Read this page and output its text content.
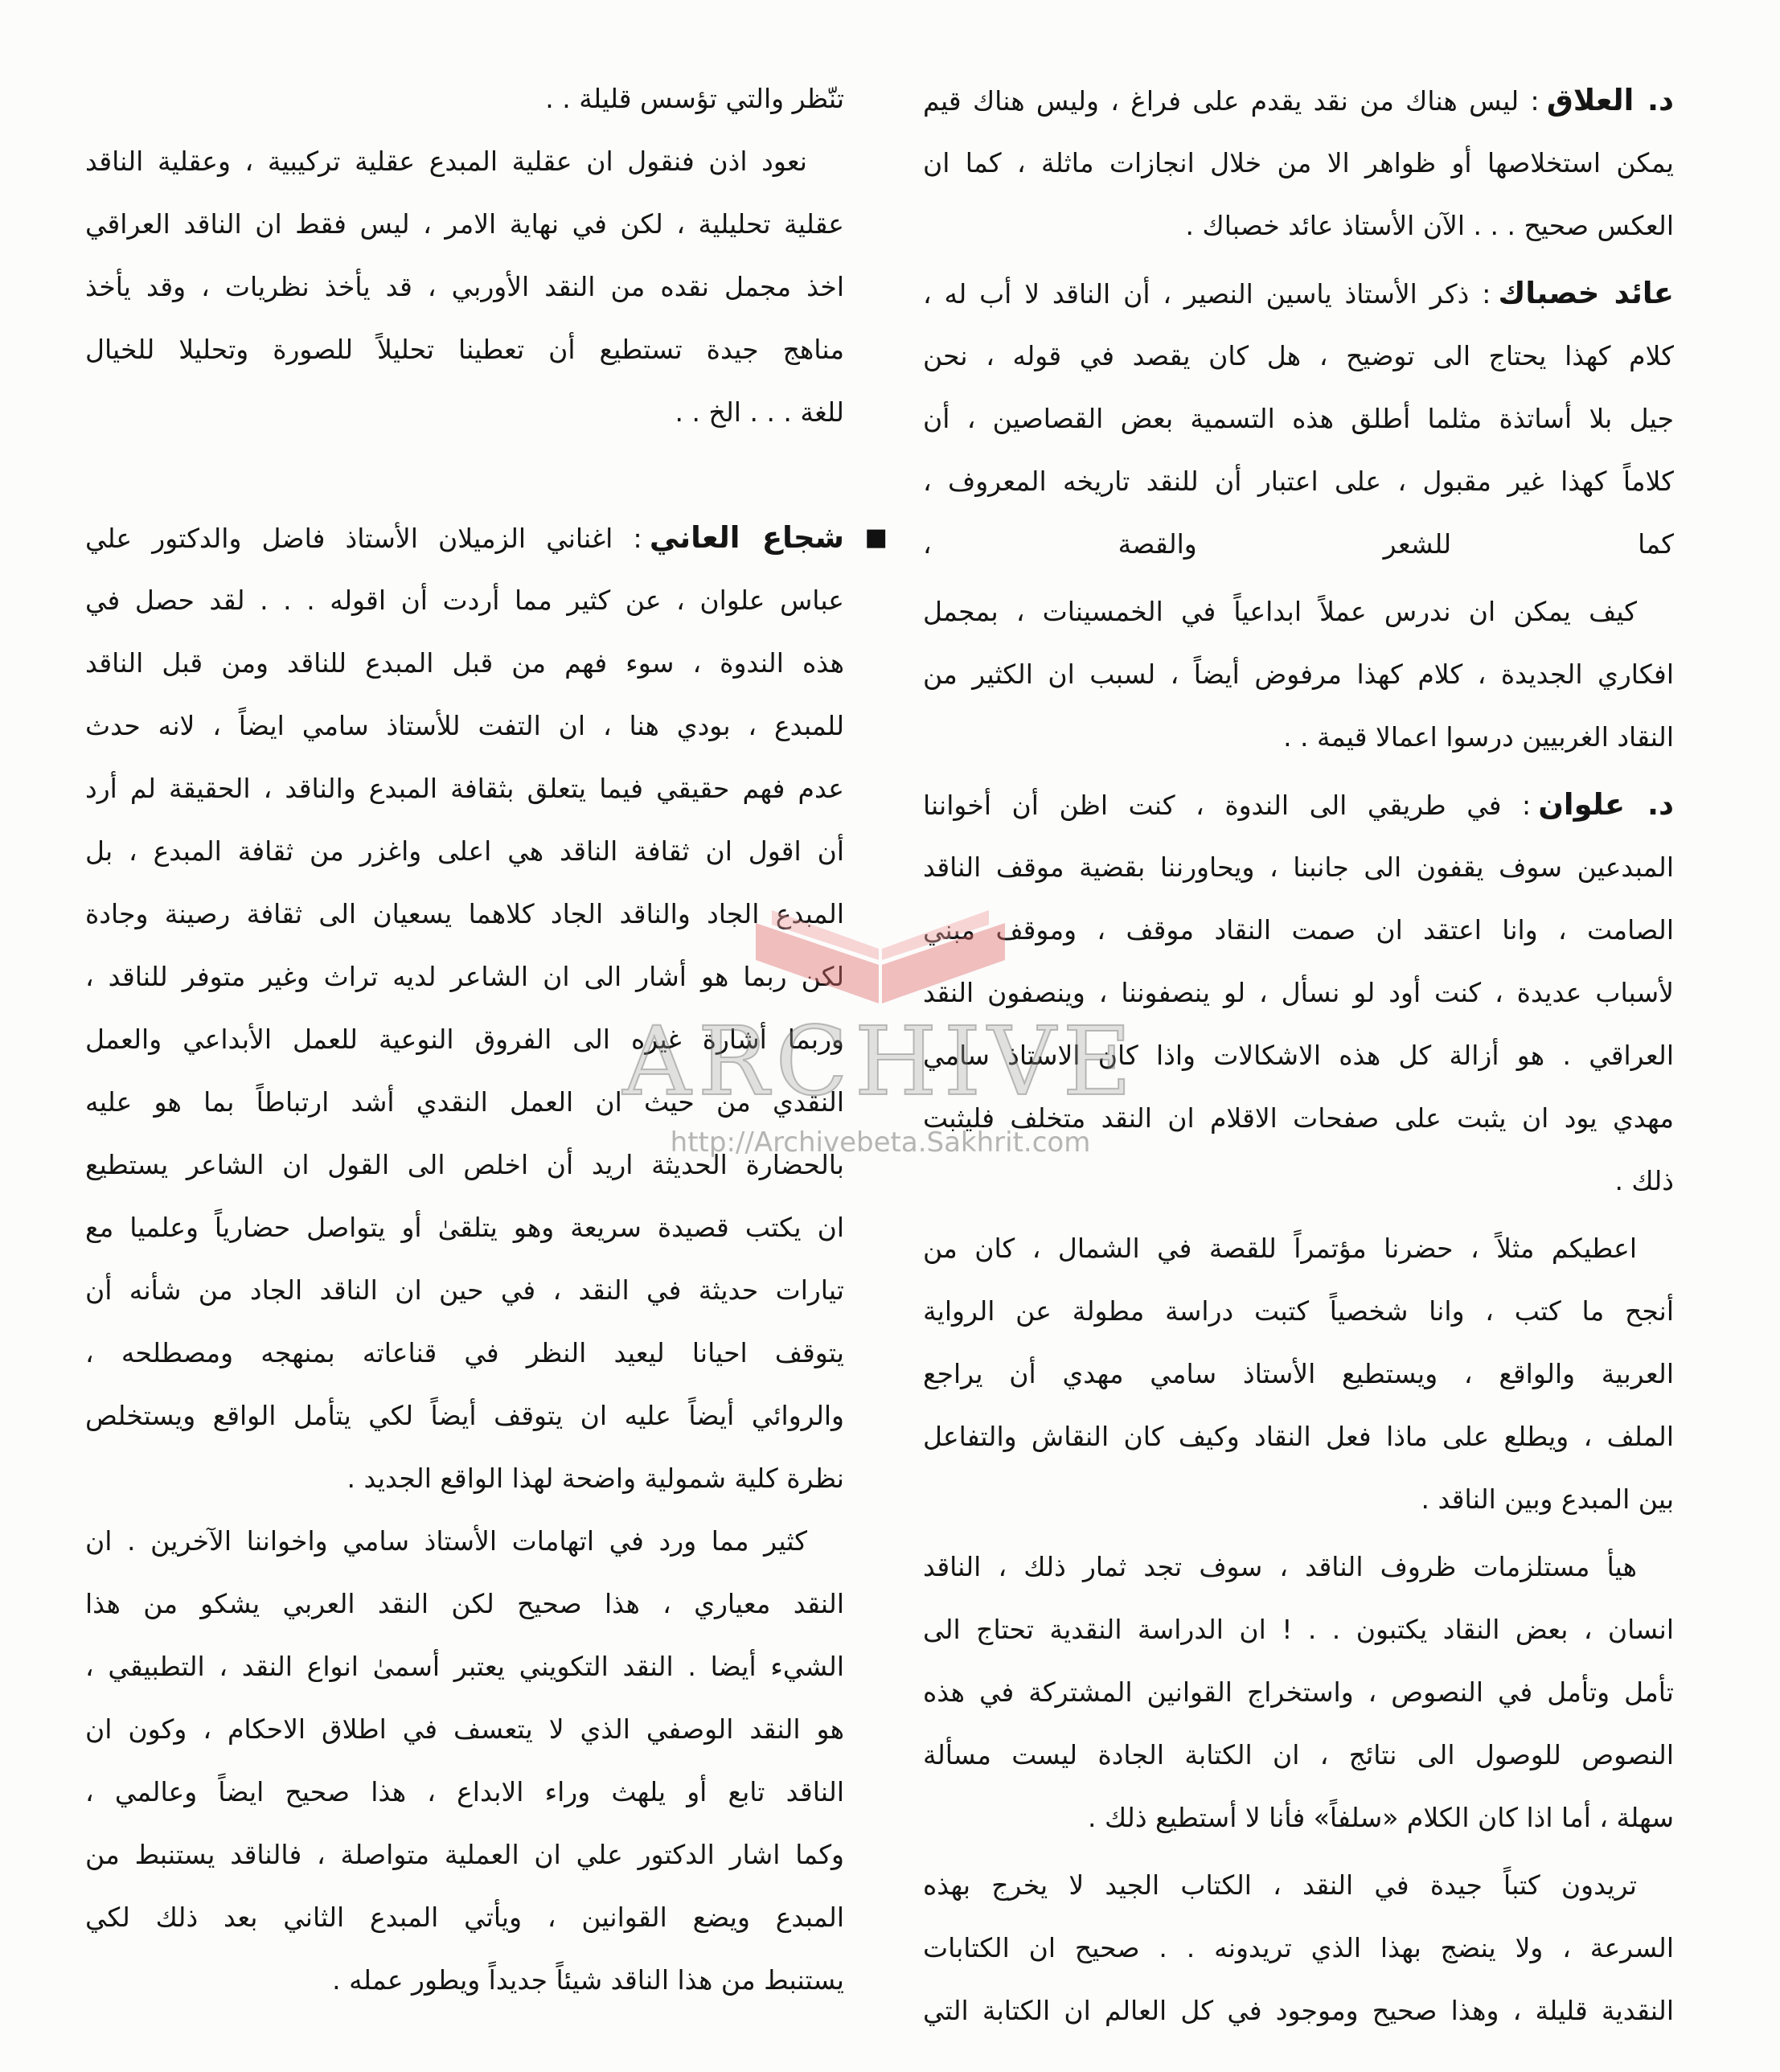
د. العلاق: ليس هناك من نقد يقدم على فراغ ، وليس هناك قيم
يمكن استخلاصها أو ظواهر الا من خلال انجازات ماثلة ، كما ان
العكس صحيح . . . الآن الأستاذ عائد خصباك .
عائد خصباك: ذكر الأستاذ ياسين النصير ، أن الناقد لا أب له ،
كلام كهذا يحتاج الى توضيح ، هل كان يقصد في قوله ، نحن
جيل بلا أساتذة مثلما أطلق هذه التسمية بعض القصاصين ، أن
كلاماً كهذا غير مقبول ، على اعتبار أن للنقد تاريخه المعروف ،
كما للشعر والقصة ،
كيف يمكن ان ندرس عملاً ابداعياً في الخمسينات ، بمجمل
افكاري الجديدة ، كلام كهذا مرفوض أيضاً ، لسبب ان الكثير من
النقاد الغربيين درسوا اعمالا قيمة . .
د. علوان: في طريقي الى الندوة ، كنت اظن أن أخواننا
المبدعين سوف يقفون الى جانبنا ، ويحاورننا بقضية موقف الناقد
الصامت ، وانا اعتقد ان صمت النقاد موقف ، وموقف مبني
لأسباب عديدة ، كنت أود لو نسأل ، لو ينصفوننا ، وينصفون النقد
العراقي . هو أزالة كل هذه الاشكالات واذا كان الاستاذ سامي
مهدي يود ان يثبت على صفحات الاقلام ان النقد متخلف فليثبت
ذلك .
اعطيكم مثلاً ، حضرنا مؤتمراً للقصة في الشمال ، كان من
أنجح ما كتب ، وانا شخصياً كتبت دراسة مطولة عن الرواية
العربية والواقع ، ويستطيع الأستاذ سامي مهدي أن يراجع
الملف ، ويطلع على ماذا فعل النقاد وكيف كان النقاش والتفاعل
بين المبدع وبين الناقد .
هيأ مستلزمات ظروف الناقد ، سوف تجد ثمار ذلك ، الناقد
انسان ، بعض النقاد يكتبون . . ! ان الدراسة النقدية تحتاج الى
تأمل وتأمل في النصوص ، واستخراج القوانين المشتركة في هذه
النصوص للوصول الى نتائج ، ان الكتابة الجادة ليست مسألة
سهلة ، أما اذا كان الكلام «سلفاً» فأنا لا أستطيع ذلك .
تريدون كتباً جيدة في النقد ، الكتاب الجيد لا يخرج بهذه
السرعة ، ولا ينضج بهذا الذي تريدونه . . صحيح ان الكتابات
النقدية قليلة ، وهذا صحيح وموجود في كل العالم ان الكتابة التي
تنّظر والتي تؤسس قليلة . .
نعود اذن فنقول ان عقلية المبدع عقلية تركيبية ، وعقلية الناقد
عقلية تحليلية ، لكن في نهاية الامر ، ليس فقط ان الناقد العراقي
اخذ مجمل نقده من النقد الأوربي ، قد يأخذ نظريات ، وقد يأخذ
مناهج جيدة تستطيع أن تعطينا تحليلاً للصورة وتحليلا للخيال
للغة . . . الخ . .
■
شجاع العاني: اغناني الزميلان الأستاذ فاضل والدكتور علي
عباس علوان ، عن كثير مما أردت أن اقوله . . . لقد حصل في
هذه الندوة ، سوء فهم من قبل المبدع للناقد ومن قبل الناقد
للمبدع ، بودي هنا ، ان التفت للأستاذ سامي ايضاً ، لانه حدث
عدم فهم حقيقي فيما يتعلق بثقافة المبدع والناقد ، الحقيقة لم أرد
أن اقول ان ثقافة الناقد هي اعلى واغزر من ثقافة المبدع ، بل
المبدع الجاد والناقد الجاد كلاهما يسعيان الى ثقافة رصينة وجادة
لكن ربما هو أشار الى ان الشاعر لديه تراث وغير متوفر للناقد ،
وربما أشارة غيره الى الفروق النوعية للعمل الأبداعي والعمل
النقدي من حيث ان العمل النقدي أشد ارتباطاً بما هو عليه
بالحضارة الحديثة اريد أن اخلص الى القول ان الشاعر يستطيع
ان يكتب قصيدة سريعة وهو يتلقىٰ أو يتواصل حضارياً وعلميا مع
تيارات حديثة في النقد ، في حين ان الناقد الجاد من شأنه أن
يتوقف احيانا ليعيد النظر في قناعاته بمنهجه ومصطلحه ،
والروائي أيضاً عليه ان يتوقف أيضاً لكي يتأمل الواقع ويستخلص
نظرة كلية شمولية واضحة لهذا الواقع الجديد .
كثير مما ورد في اتهامات الأستاذ سامي واخواننا الآخرين . ان
النقد معياري ، هذا صحيح لكن النقد العربي يشكو من هذا
الشيء أيضا . النقد التكويني يعتبر أسمىٰ انواع النقد ، التطبيقي ،
هو النقد الوصفي الذي لا يتعسف في اطلاق الاحكام ، وكون ان
الناقد تابع أو يلهث وراء الابداع ، هذا صحيح ايضاً وعالمي ،
وكما اشار الدكتور علي ان العملية متواصلة ، فالناقد يستنبط من
المبدع ويضع القوانين ، ويأتي المبدع الثاني بعد ذلك لكي
يستنبط من هذا الناقد شيئاً جديداً ويطور عمله .
ARCHIVE
http://Archivebeta.Sakhrit.com
